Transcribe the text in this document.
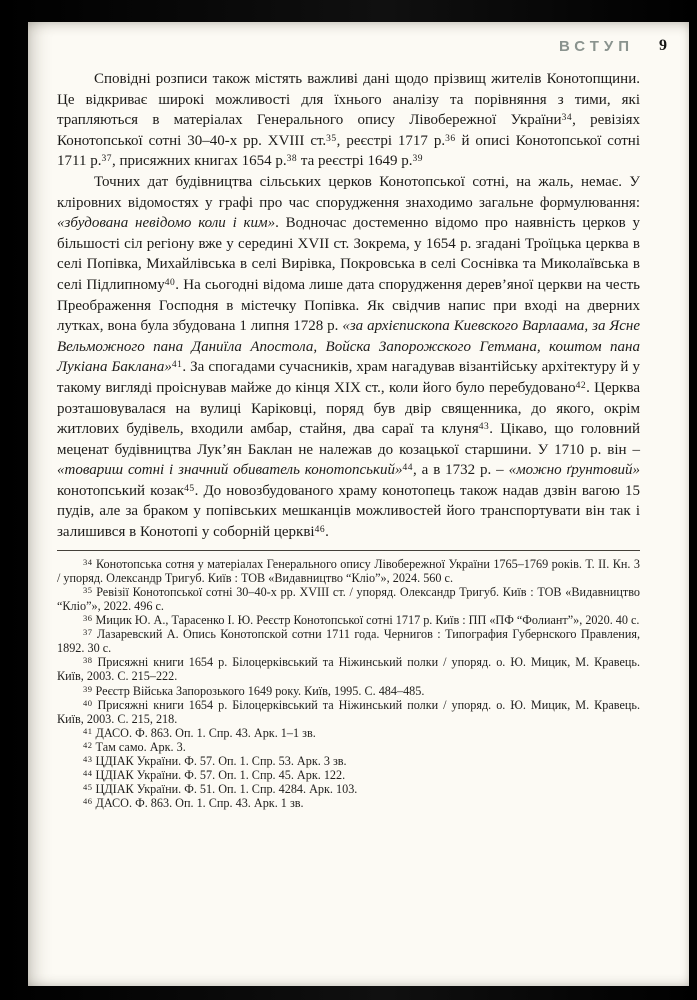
ВСТУП 9

Сповідні розписи також містять важливі дані щодо прізвищ жителів Конотопщини. Це відкриває широкі можливості для їхнього аналізу та порівняння з тими, які трапляються в матеріалах Генерального опису Лівобережної України$^{34}$, ревізіях Конотопської сотні 30–40-х рр. XVIII ст.$^{35}$, реєстрі 1717 р.$^{36}$ й описі Конотопської сотні 1711 р.$^{37}$, присяжних книгах 1654 р.$^{38}$ та реєстрі 1649 р.$^{39}$

Точних дат будівництва сільських церков Конотопської сотні, на жаль, немає. У кліровних відомостях у графі про час спорудження знаходимо загальне формулювання: «збудована невідомо коли і ким». Водночас достеменно відомо про наявність церков у більшості сіл регіону вже у середині XVII ст. Зокрема, у 1654 р. згадані Троїцька церква в селі Попівка, Михайлівська в селі Вирівка, Покровська в селі Соснівка та Миколаївська в селі Підлипному$^{40}$. На сьогодні відома лише дата спорудження дерев’яної церкви на честь Преображення Господня в містечку Попівка. Як свідчив напис при вході на дверних лутках, вона була збудована 1 липня 1728 р. «за архієпископа Киевского Варлаама, за Ясне Вельможного пана Даниїла Апостола, Войска Запорожского Гетмана, коштом пана Лукіана Баклана»$^{41}$. За спогадами сучасників, храм нагадував візантійську архітектуру й у такому вигляді проіснував майже до кінця XIX ст., коли його було перебудовано$^{42}$. Церква розташовувалася на вулиці Каріковці, поряд був двір священника, до якого, окрім житлових будівель, входили амбар, стайня, два сараї та клуня$^{43}$. Цікаво, що головний меценат будівництва Лук’ян Баклан не належав до козацької старшини. У 1710 р. він – «товариш сотні і значний обиватель конотопський»$^{44}$, а в 1732 р. – «можно ґрунтовий» конотопський козак$^{45}$. До новозбудованого храму конотопець також надав дзвін вагою 15 пудів, але за браком у попівських мешканців можливостей його транспортувати він так і залишився в Конотопі у соборній церкві$^{46}$.

$^{34}$ Конотопська сотня у матеріалах Генерального опису Лівобережної України 1765–1769 років. Т. II. Кн. 3 / упоряд. Олександр Тригуб. Київ : ТОВ «Видавництво “Кліо”», 2024. 560 с.

$^{35}$ Ревізії Конотопської сотні 30–40-х рр. XVIII ст. / упоряд. Олександр Тригуб. Київ : ТОВ «Видавництво “Кліо”», 2022. 496 с.

$^{36}$ Мицик Ю. А., Тарасенко І. Ю. Реєстр Конотопської сотні 1717 р. Київ : ПП «ПФ “Фолиант”», 2020. 40 с.

$^{37}$ Лазаревский А. Опись Конотопской сотни 1711 года. Чернигов : Типография Губернского Правления, 1892. 30 с.

$^{38}$ Присяжні книги 1654 р. Білоцерківський та Ніжинський полки / упоряд. о. Ю. Мицик, М. Кравець. Київ, 2003. С. 215–222.

$^{39}$ Реєстр Війська Запорозького 1649 року. Київ, 1995. С. 484–485.

$^{40}$ Присяжні книги 1654 р. Білоцерківський та Ніжинський полки / упоряд. о. Ю. Мицик, М. Кравець. Київ, 2003. С. 215, 218.

$^{41}$ ДАСО. Ф. 863. Оп. 1. Спр. 43. Арк. 1–1 зв.

$^{42}$ Там само. Арк. 3.

$^{43}$ ЦДІАК України. Ф. 57. Оп. 1. Спр. 53. Арк. 3 зв.

$^{44}$ ЦДІАК України. Ф. 57. Оп. 1. Спр. 45. Арк. 122.

$^{45}$ ЦДІАК України. Ф. 51. Оп. 1. Спр. 4284. Арк. 103.

$^{46}$ ДАСО. Ф. 863. Оп. 1. Спр. 43. Арк. 1 зв.
